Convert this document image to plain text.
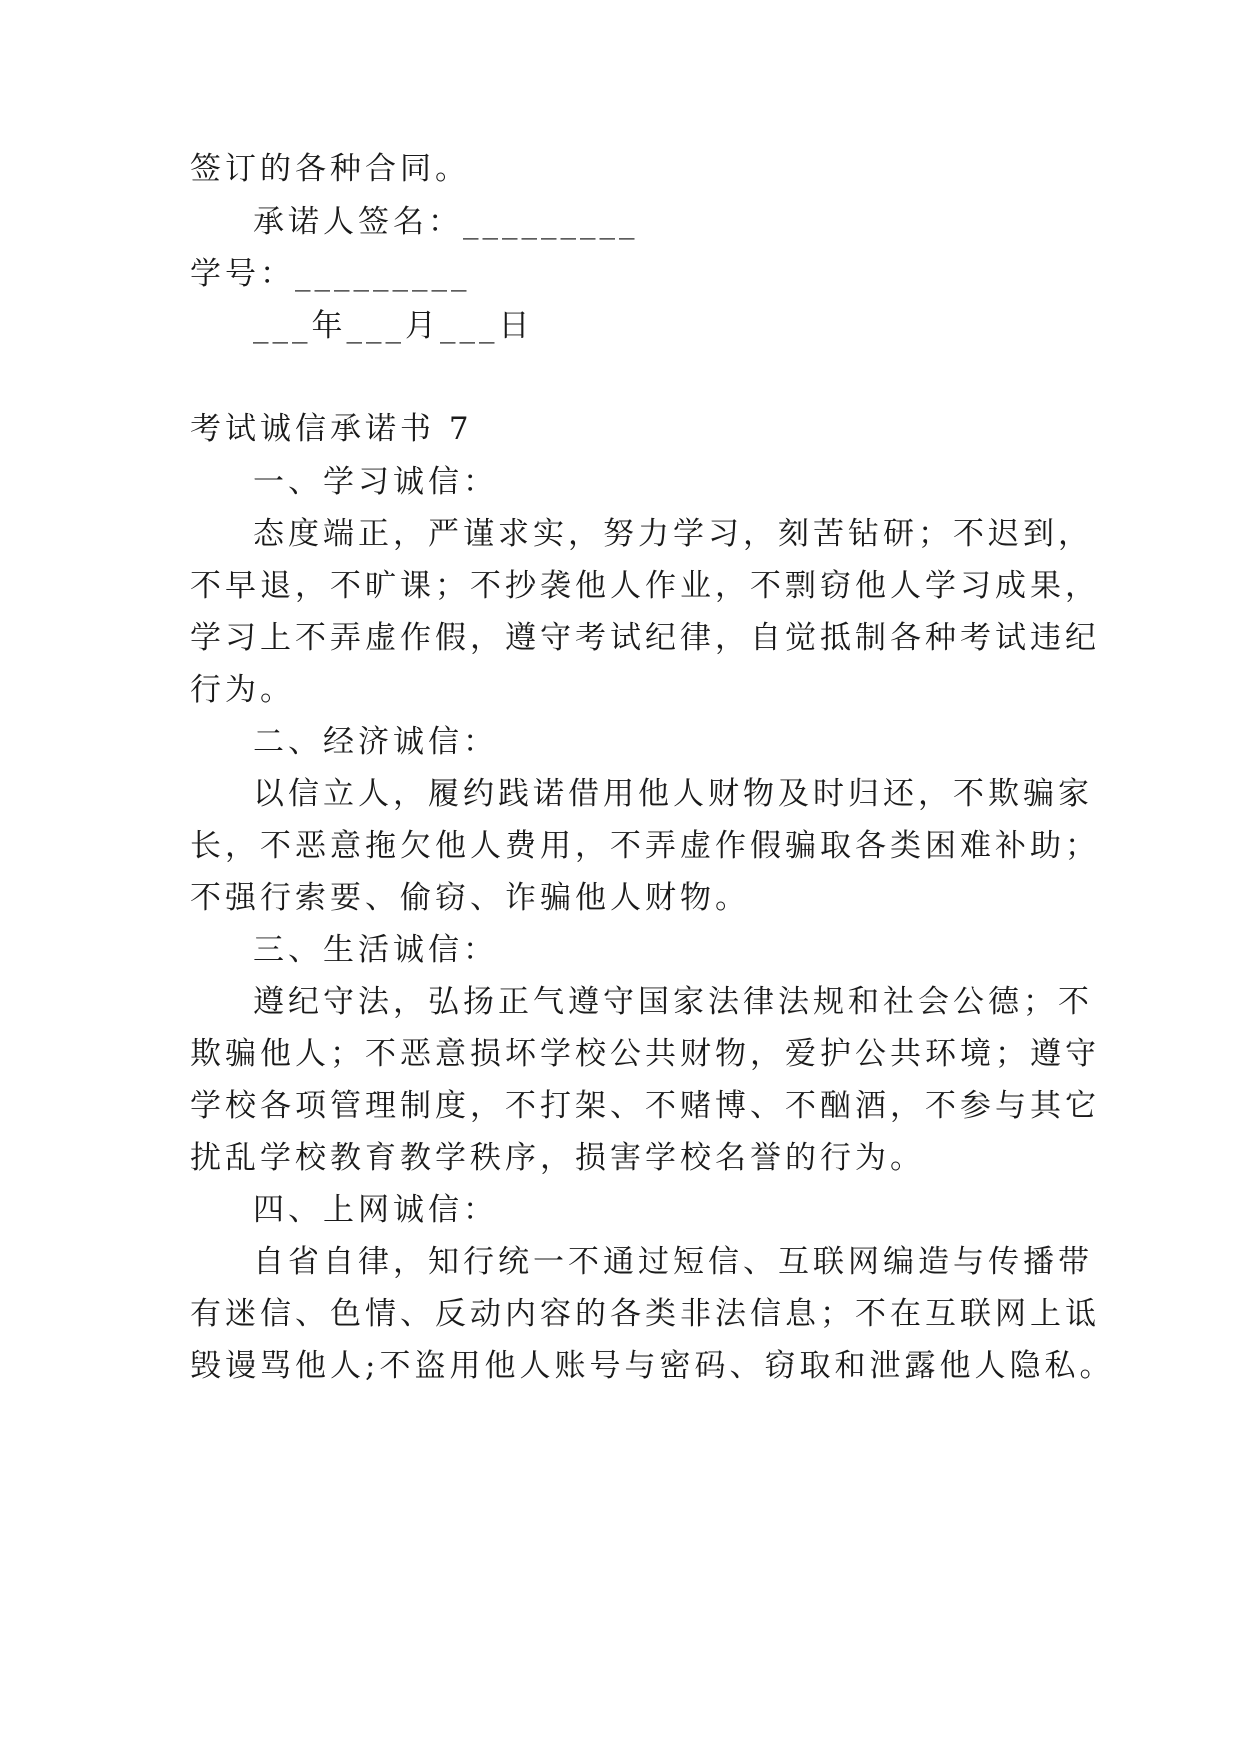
签订的各种合同。
承诺人签名：_________
学号：_________
___年___月___日
考试诚信承诺书 7
一、学习诚信：
态度端正，严谨求实，努力学习，刻苦钻研；不迟到，
不早退，不旷课；不抄袭他人作业，不剽窃他人学习成果，
学习上不弄虚作假，遵守考试纪律，自觉抵制各种考试违纪
行为。
二、经济诚信：
以信立人，履约践诺借用他人财物及时归还，不欺骗家
长，不恶意拖欠他人费用，不弄虚作假骗取各类困难补助；
不强行索要、偷窃、诈骗他人财物。
三、生活诚信：
遵纪守法，弘扬正气遵守国家法律法规和社会公德；不
欺骗他人；不恶意损坏学校公共财物，爱护公共环境；遵守
学校各项管理制度，不打架、不赌博、不酗酒，不参与其它
扰乱学校教育教学秩序，损害学校名誉的行为。
四、上网诚信：
自省自律，知行统一不通过短信、互联网编造与传播带
有迷信、色情、反动内容的各类非法信息；不在互联网上诋
毁谩骂他人;不盗用他人账号与密码、窃取和泄露他人隐私。
